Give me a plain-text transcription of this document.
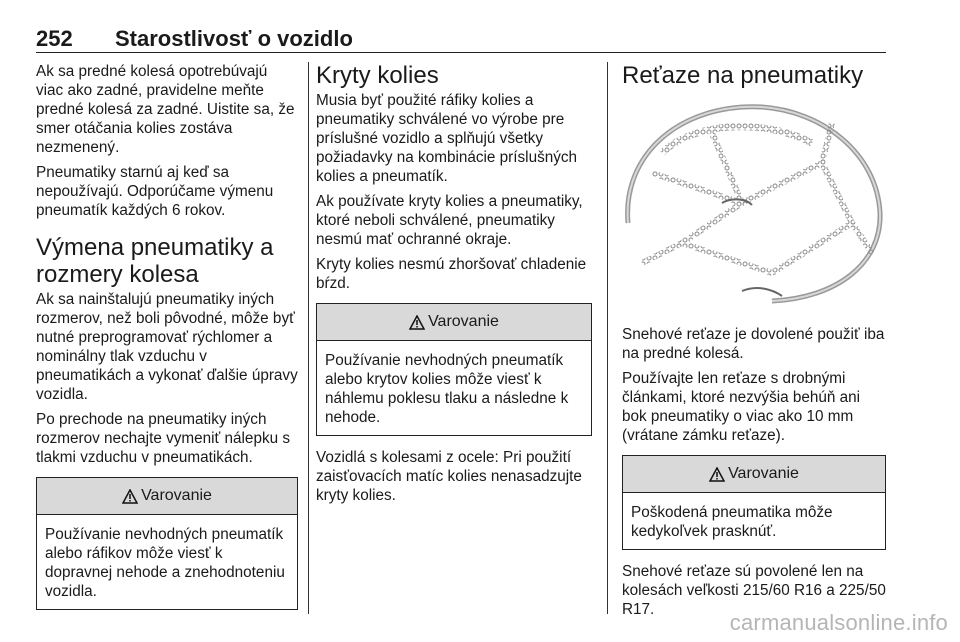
252 Starostlivosť o vozidlo

Ak sa predné kolesá opotrebúvajú viac ako zadné, pravidelne meňte predné kolesá za zadné. Uistite sa, že smer otáčania kolies zostáva nezmenený.

Pneumatiky starnú aj keď sa nepoužívajú. Odporúčame výmenu pneumatík každých 6 rokov.

Výmena pneumatiky a rozmery kolesa

Ak sa nainštalujú pneumatiky iných rozmerov, než boli pôvodné, môže byť nutné preprogramovať rýchlomer a nominálny tlak vzduchu v pneumatikách a vykonať ďalšie úpravy vozidla.

Po prechode na pneumatiky iných rozmerov nechajte vymeniť nálepku s tlakmi vzduchu v pneumatikách.

Varovanie
Používanie nevhodných pneumatík alebo ráfikov môže viesť k dopravnej nehode a znehodnoteniu vozidla.
Kryty kolies

Musia byť použité ráfiky kolies a pneumatiky schválené vo výrobe pre príslušné vozidlo a splňujú všetky požiadavky na kombinácie príslušných kolies a pneumatík.

Ak používate kryty kolies a pneumatiky, ktoré neboli schválené, pneumatiky nesmú mať ochranné okraje.

Kryty kolies nesmú zhoršovať chladenie bŕzd.

Varovanie
Používanie nevhodných pneumatík alebo krytov kolies môže viesť k náhlemu poklesu tlaku a následne k nehode.

Vozidlá s kolesami z ocele: Pri použití zaisťovacích matíc kolies nenasadzujte kryty kolies.

Reťaze na pneumatiky

Snehové reťaze je dovolené použiť iba na predné kolesá.

Používajte len reťaze s drobnými článkami, ktoré nezvýšia behúň ani bok pneumatiky o viac ako 10 mm (vrátane zámku reťaze).

Varovanie
Poškodená pneumatika môže kedykoľvek prasknúť.

Snehové reťaze sú povolené len na kolesách veľkosti 215/60 R16 a 225/50 R17.

carmanualsonline.info
